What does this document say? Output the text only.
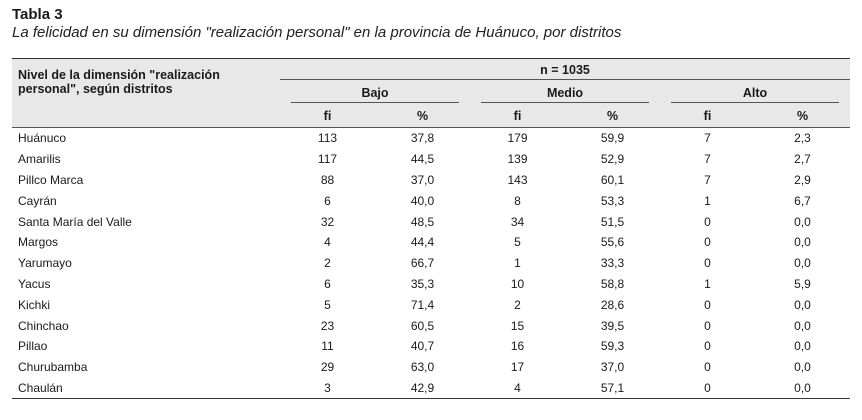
Tabla 3

La felicidad en su dimensión "realización personal" en la provincia de Huánuco, por distritos

Nivel de la dimensión "realización personal", según distritos	n = 1035					
	Bajo		Medio		Alto	
	fi	%	fi	%	fi	%
Huánuco	113	37,8	179	59,9	7	2,3
Amarilis	117	44,5	139	52,9	7	2,7
Pillco Marca	88	37,0	143	60,1	7	2,9
Cayrán	6	40,0	8	53,3	1	6,7
Santa María del Valle	32	48,5	34	51,5	0	0,0
Margos	4	44,4	5	55,6	0	0,0
Yarumayo	2	66,7	1	33,3	0	0,0
Yacus	6	35,3	10	58,8	1	5,9
Kichki	5	71,4	2	28,6	0	0,0
Chinchao	23	60,5	15	39,5	0	0,0
Pillao	11	40,7	16	59,3	0	0,0
Churubamba	29	63,0	17	37,0	0	0,0
Chaulán	3	42,9	4	57,1	0	0,0
